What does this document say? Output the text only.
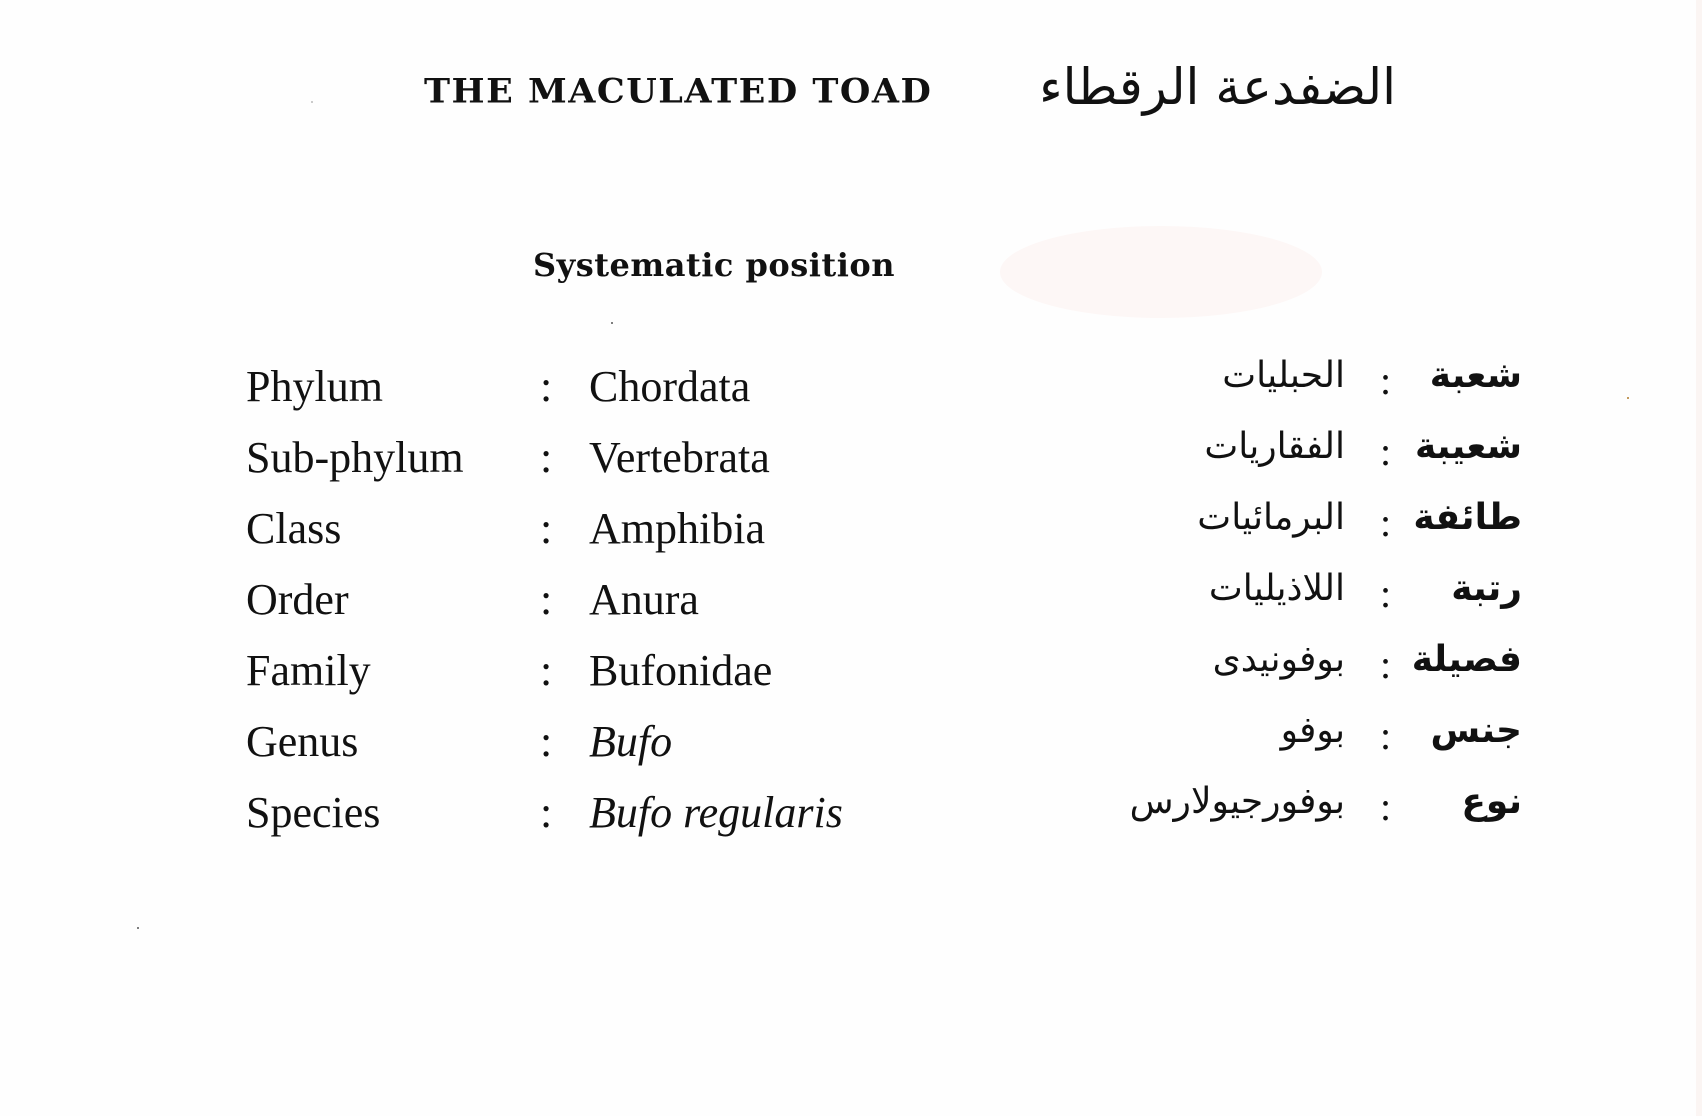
THE MACULATED TOAD الضفدعة الرقطاء
Systematic position
Phylum	: Chordata	الحبليات : شعبة
Sub-phylum : Vertebrata	الفقاريات : شعيبة
Class	: Amphibia	البرمائيات : طائفة
Order	: Anura	اللاذيليات : رتبة
Family	: Bufonidae	بوفونيدى : فصيلة
Genus	: Bufo	بوفو : جنس
Species	: Bufo regularis	بوفورجيولارس : نوع
